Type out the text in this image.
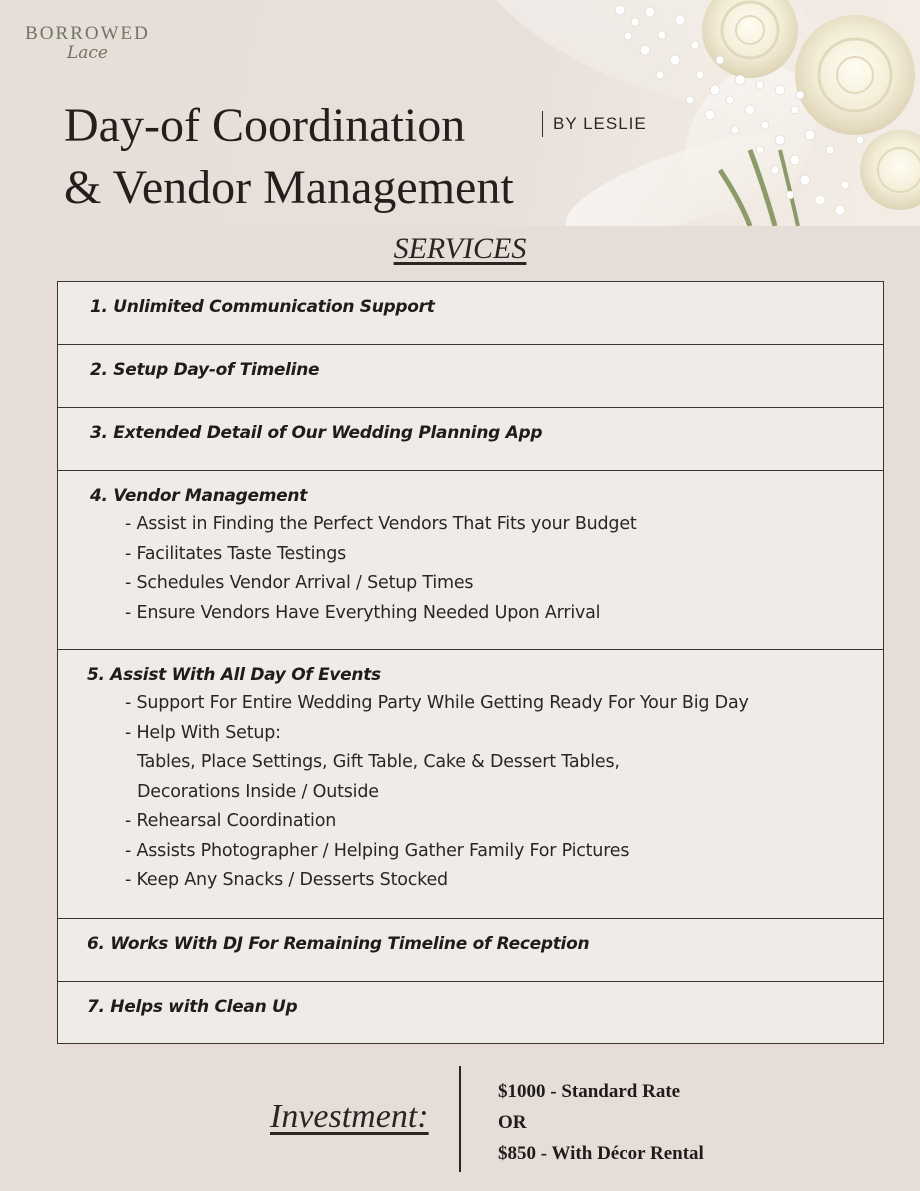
BORROWED
Lace
Day-of Coordination
& Vendor Management
BY LESLIE
SERVICES
1. Unlimited Communication Support
2. Setup Day-of Timeline
3. Extended Detail of Our Wedding Planning App
4. Vendor Management
- Assist in Finding the Perfect Vendors That Fits your Budget
- Facilitates Taste Testings
- Schedules Vendor Arrival / Setup Times
- Ensure Vendors Have Everything Needed Upon Arrival
5. Assist With All Day Of Events
- Support For Entire Wedding Party While Getting Ready For Your Big Day
- Help With Setup:
Tables, Place Settings, Gift Table, Cake & Dessert Tables,
Decorations Inside / Outside
- Rehearsal Coordination
- Assists Photographer / Helping Gather Family For Pictures
- Keep Any Snacks / Desserts Stocked
6. Works With DJ For Remaining Timeline of Reception
7. Helps with Clean Up
Investment:
$1000 - Standard Rate
OR
$850 - With Décor Rental
